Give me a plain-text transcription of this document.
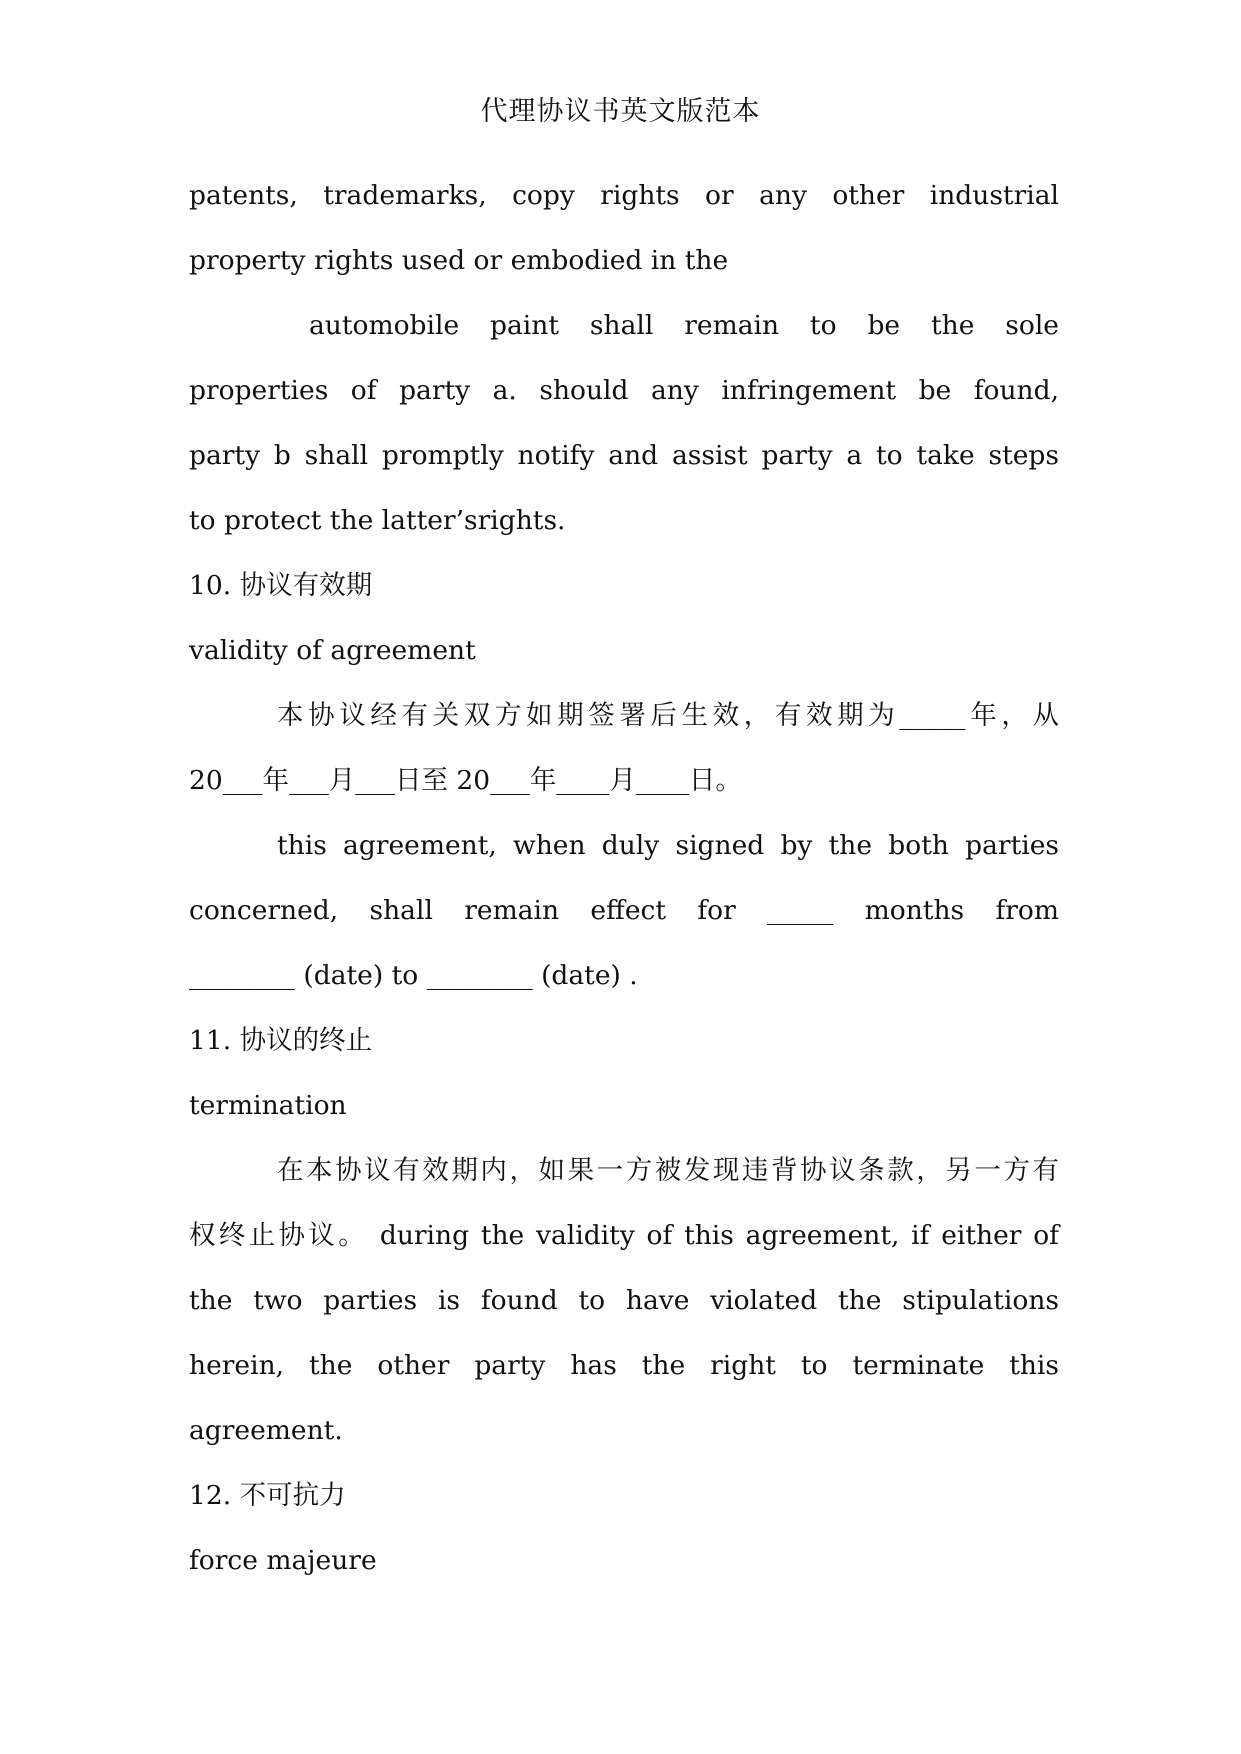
代理协议书英文版范本

patents, trademarks, copy rights or any other industrial

property rights used or embodied in the

automobile paint shall remain to be the sole

properties of party a. should any infringement be found,

party b shall promptly notify and assist party a to take steps

to protect the latter’srights.

10. 协议有效期

validity of agreement

本协议经有关双方如期签署后生效，有效期为_____年，从

20___年___月___日至 20___年____月____日。

this agreement, when duly signed by the both parties

concerned, shall remain effect for _____ months from

________ (date) to ________ (date) .

11. 协议的终止

termination

在本协议有效期内，如果一方被发现违背协议条款，另一方有

权终止协议。 during the validity of this agreement, if either of

the two parties is found to have violated the stipulations

herein, the other party has the right to terminate this

agreement.

12. 不可抗力

force majeure
